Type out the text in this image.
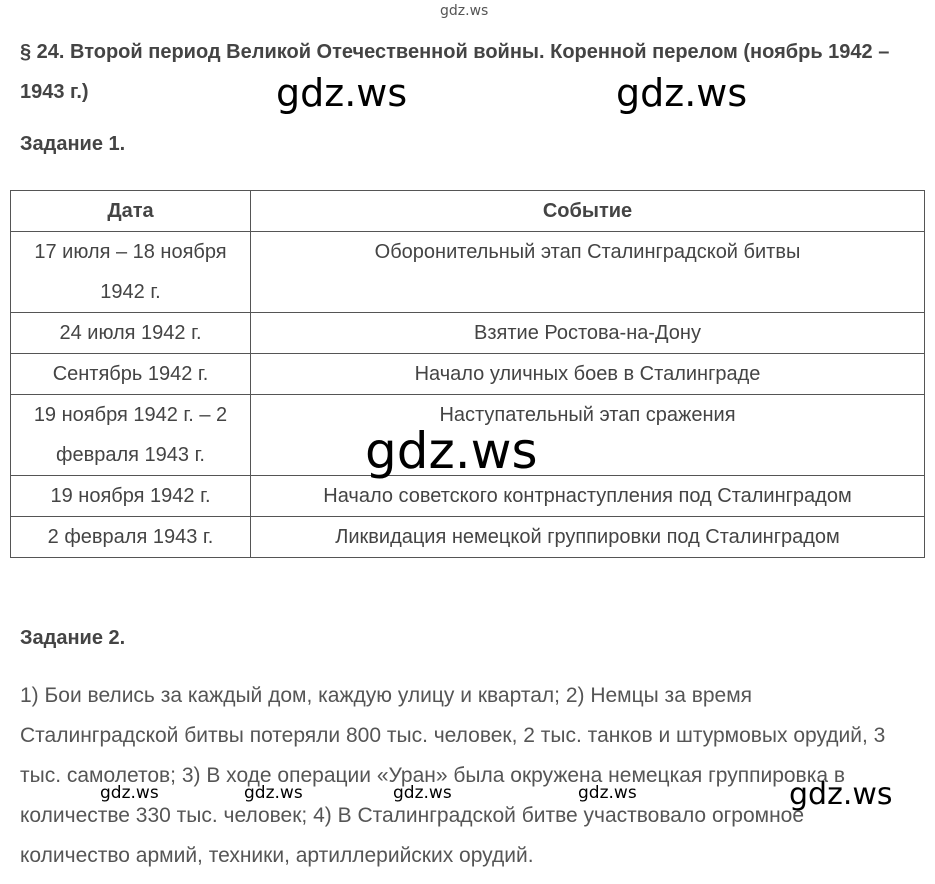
§ 24. Второй период Великой Отечественной войны. Коренной перелом (ноябрь 1942 – 1943 г.)
Задание 1.
Дата	Событие
17 июля – 18 ноября 1942 г.	Оборонительный этап Сталинградской битвы
24 июля 1942 г.	Взятие Ростова-на-Дону
Сентябрь 1942 г.	Начало уличных боев в Сталинграде
19 ноября 1942 г. – 2 февраля 1943 г.	Наступательный этап сражения
19 ноября 1942 г.	Начало советского контрнаступления под Сталинградом
2 февраля 1943 г.	Ликвидация немецкой группировки под Сталинградом
Задание 2.

1) Бои велись за каждый дом, каждую улицу и квартал; 2) Немцы за время Сталинградской битвы потеряли 800 тыс. человек, 2 тыс. танков и штурмовых орудий, 3 тыс. самолетов; 3) В ходе операции «Уран» была окружена немецкая группировка в количестве 330 тыс. человек; 4) В Сталинградской битве участвовало огромное количество армий, техники, артиллерийских орудий.

gdz.ws
gdz.ws	gdz.ws
gdz.ws
gdz.ws	gdz.ws	gdz.ws	gdz.ws	gdz.ws
